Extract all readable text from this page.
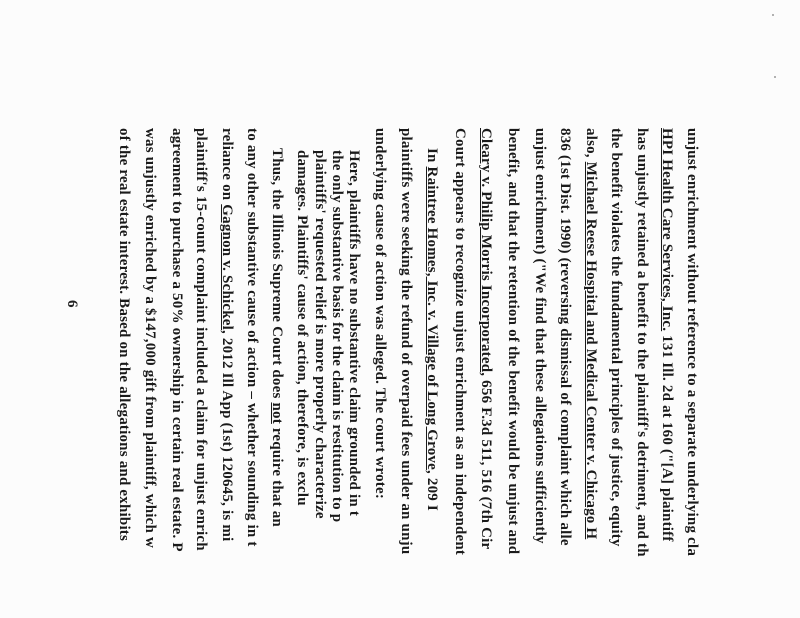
unjust enrichment without reference to a separate underlying cla
HPI Health Care Services, Inc. 131 Ill. 2d at 160 ("[A] plaintiff
has unjustly retained a benefit to the plaintiff's detriment, and th
the benefit violates the fundamental principles of justice, equity
also, Michael Reese Hospital and Medical Center v. Chicago H
836 (1st Dist. 1990) (reversing dismissal of complaint which alle
unjust enrichment) ("We find that these allegations sufficiently
benefit, and that the retention of the benefit would be unjust and
Cleary v. Philip Morris Incorporated, 656 F.3d 511, 516 (7th Cir
Court appears to recognize unjust enrichment as an independent
In Raintree Homes, Inc. v. Village of Long Grove, 209 I
plaintiffs were seeking the refund of overpaid fees under an unju
underlying cause of action was alleged. The court wrote:
Here, plaintiffs have no substantive claim grounded in t
the only substantive basis for the claim is restitution to p
plaintiffs' requested relief is more properly characterize
damages. Plaintiffs' cause of action, therefore, is exclu
Thus, the Illinois Supreme Court does not require that an
to any other substantive cause of action – whether sounding in t
reliance on Gagnon v. Schickel, 2012 Ill App (1st) 120645, is mi
plaintiff's 15-count complaint included a claim for unjust enrich
agreement to purchase a 50% ownership in certain real estate. P
was unjustly enriched by a $147,000 gift from plaintiff, which w
of the real estate interest. Based on the allegations and exhibits
6
